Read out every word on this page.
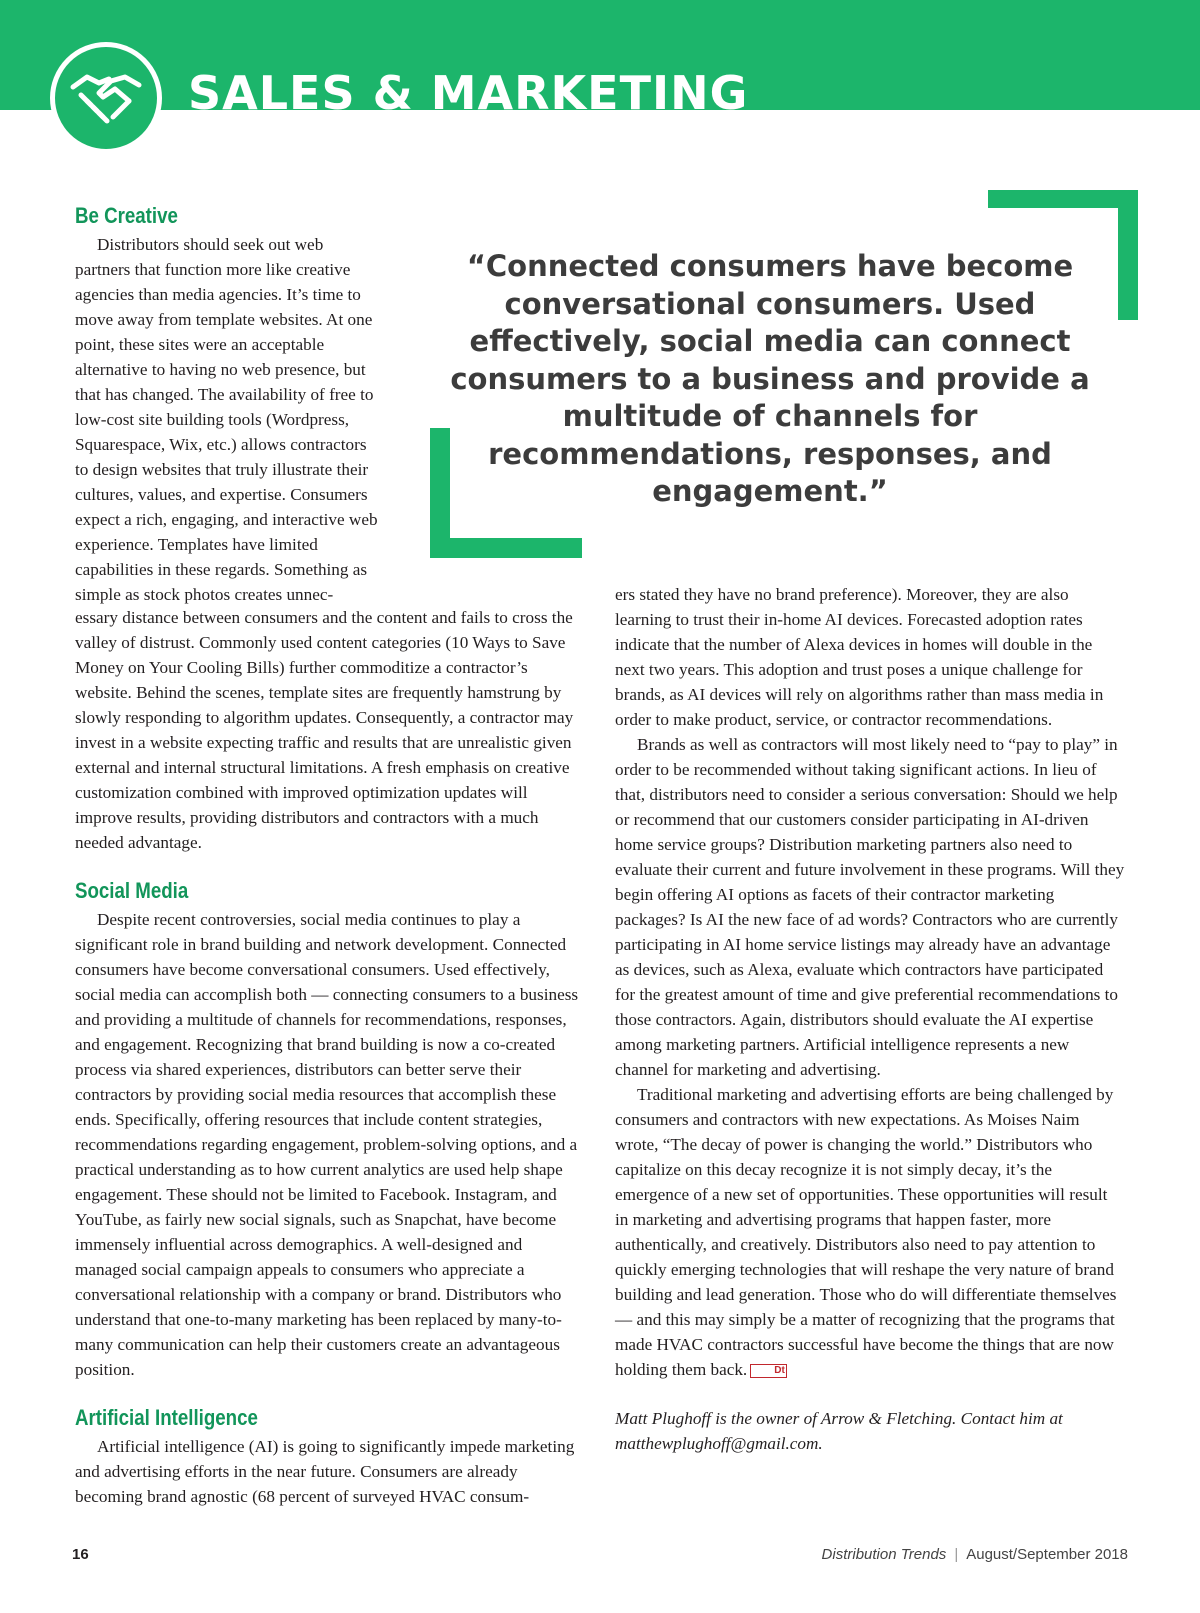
SALES & MARKETING

“Connected consumers have become conversational consumers. Used effectively, social media can connect consumers to a business and provide a multitude of channels for recommendations, responses, and engagement.”

Be Creative

Distributors should seek out web partners that function more like creative agencies than media agencies. It’s time to move away from template websites. At one point, these sites were an acceptable alternative to having no web presence, but that has changed. The availability of free to low-cost site building tools (Wordpress, Squarespace, Wix, etc.) allows contractors to design websites that truly illustrate their cultures, values, and expertise. Consumers expect a rich, engaging, and interactive web experience. Templates have limited capabilities in these regards. Something as simple as stock photos creates unnec-

essary distance between consumers and the content and fails to cross the valley of distrust. Commonly used content categories (10 Ways to Save Money on Your Cooling Bills) further commoditize a contractor’s website. Behind the scenes, template sites are frequently hamstrung by slowly responding to algorithm updates. Consequently, a contractor may invest in a website expecting traffic and results that are unrealistic given external and internal structural limitations. A fresh emphasis on creative customization combined with improved optimization updates will improve results, providing distributors and contractors with a much needed advantage.

Social Media

Despite recent controversies, social media continues to play a significant role in brand building and network development. Connected consumers have become conversational consumers. Used effectively, social media can accomplish both — connecting consumers to a business and providing a multitude of channels for recommendations, responses, and engagement. Recognizing that brand building is now a co-created process via shared experiences, distributors can better serve their contractors by providing social media resources that accomplish these ends. Specifically, offering resources that include content strategies, recommendations regarding engagement, problem-solving options, and a practical understanding as to how current analytics are used help shape engagement. These should not be limited to Facebook. Instagram, and YouTube, as fairly new social signals, such as Snapchat, have become immensely influential across demographics. A well-designed and managed social campaign appeals to consumers who appreciate a conversational relationship with a company or brand. Distributors who understand that one-to-many marketing has been replaced by many-to-many communication can help their customers create an advantageous position.

Artificial Intelligence

Artificial intelligence (AI) is going to significantly impede marketing and advertising efforts in the near future. Consumers are already becoming brand agnostic (68 percent of surveyed HVAC consum-

ers stated they have no brand preference). Moreover, they are also learning to trust their in-home AI devices. Forecasted adoption rates indicate that the number of Alexa devices in homes will double in the next two years. This adoption and trust poses a unique challenge for brands, as AI devices will rely on algorithms rather than mass media in order to make product, service, or contractor recommendations.

Brands as well as contractors will most likely need to “pay to play” in order to be recommended without taking significant actions. In lieu of that, distributors need to consider a serious conversation: Should we help or recommend that our customers consider participating in AI-driven home service groups? Distribution marketing partners also need to evaluate their current and future involvement in these programs. Will they begin offering AI options as facets of their contractor marketing packages? Is AI the new face of ad words? Contractors who are currently participating in AI home service listings may already have an advantage as devices, such as Alexa, evaluate which contractors have participated for the greatest amount of time and give preferential recommendations to those contractors. Again, distributors should evaluate the AI expertise among marketing partners. Artificial intelligence represents a new channel for marketing and advertising.

Traditional marketing and advertising efforts are being challenged by consumers and contractors with new expectations. As Moises Naim wrote, “The decay of power is changing the world.” Distributors who capitalize on this decay recognize it is not simply decay, it’s the emergence of a new set of opportunities. These opportunities will result in marketing and advertising programs that happen faster, more authentically, and creatively. Distributors also need to pay attention to quickly emerging technologies that will reshape the very nature of brand building and lead generation. Those who do will differentiate themselves — and this may simply be a matter of recognizing that the programs that made HVAC contractors successful have become the things that are now holding them back.	Dt

Matt Plughoff is the owner of Arrow & Fletching. Contact him at matthewplughoff@gmail.com.

16	Distribution Trends | August/September 2018
